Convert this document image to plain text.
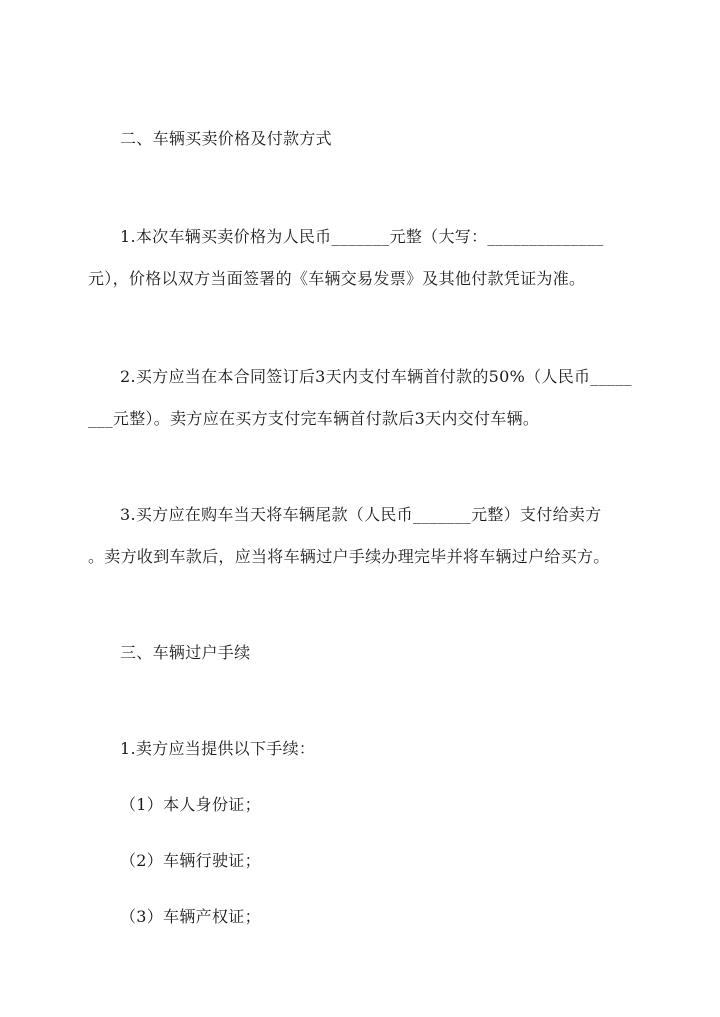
二、车辆买卖价格及付款方式
1.本次车辆买卖价格为人民币_______元整（大写：______________
元），价格以双方当面签署的《车辆交易发票》及其他付款凭证为准。
2.买方应当在本合同签订后3天内支付车辆首付款的50%（人民币_____
___元整）。卖方应在买方支付完车辆首付款后3天内交付车辆。
3.买方应在购车当天将车辆尾款（人民币_______元整）支付给卖方
。卖方收到车款后，应当将车辆过户手续办理完毕并将车辆过户给买方。
三、车辆过户手续
1.卖方应当提供以下手续：
（1）本人身份证；
（2）车辆行驶证；
（3）车辆产权证；
